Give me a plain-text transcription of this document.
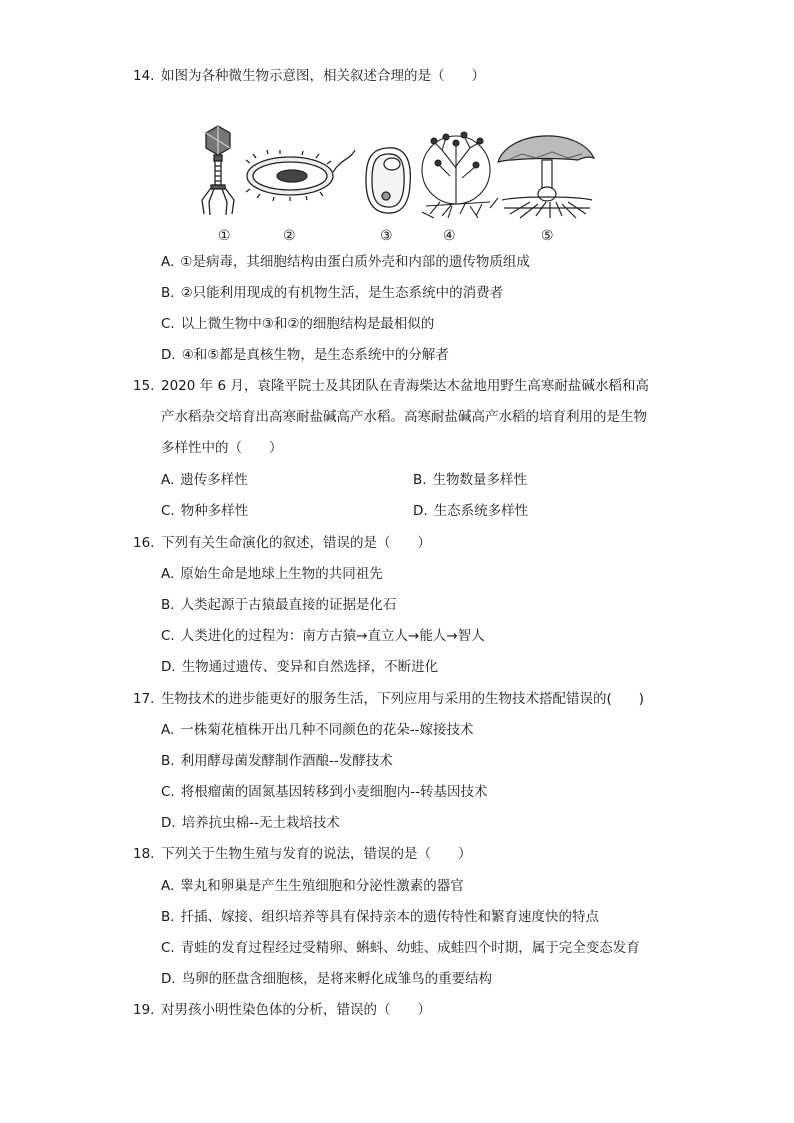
14. 如图为各种微生物示意图，相关叙述合理的是（　　）
①	②	③	④	⑤
A. ①是病毒，其细胞结构由蛋白质外壳和内部的遗传物质组成
B. ②只能利用现成的有机物生活，是生态系统中的消费者
C. 以上微生物中③和②的细胞结构是最相似的
D. ④和⑤都是真核生物，是生态系统中的分解者
15. 2020 年 6 月，袁隆平院士及其团队在青海柴达木盆地用野生高寒耐盐碱水稻和高
产水稻杂交培育出高寒耐盐碱高产水稻。高寒耐盐碱高产水稻的培育利用的是生物
多样性中的（　　）
A. 遗传多样性	B. 生物数量多样性
C. 物种多样性	D. 生态系统多样性
16. 下列有关生命演化的叙述，错误的是（　　）
A. 原始生命是地球上生物的共同祖先
B. 人类起源于古猿最直接的证据是化石
C. 人类进化的过程为：南方古猿→直立人→能人→智人
D. 生物通过遗传、变异和自然选择，不断进化
17. 生物技术的进步能更好的服务生活，下列应用与采用的生物技术搭配错误的(　　)
A. 一株菊花植株开出几种不同颜色的花朵--嫁接技术
B. 利用酵母菌发酵制作酒酿--发酵技术
C. 将根瘤菌的固氮基因转移到小麦细胞内--转基因技术
D. 培养抗虫棉--无土栽培技术
18. 下列关于生物生殖与发育的说法，错误的是（　　）
A. 睾丸和卵巢是产生生殖细胞和分泌性激素的器官
B. 扦插、嫁接、组织培养等具有保持亲本的遗传特性和繁育速度快的特点
C. 青蛙的发育过程经过受精卵、蝌蚪、幼蛙、成蛙四个时期，属于完全变态发育
D. 鸟卵的胚盘含细胞核，是将来孵化成雏鸟的重要结构
19. 对男孩小明性染色体的分析，错误的（　　）
